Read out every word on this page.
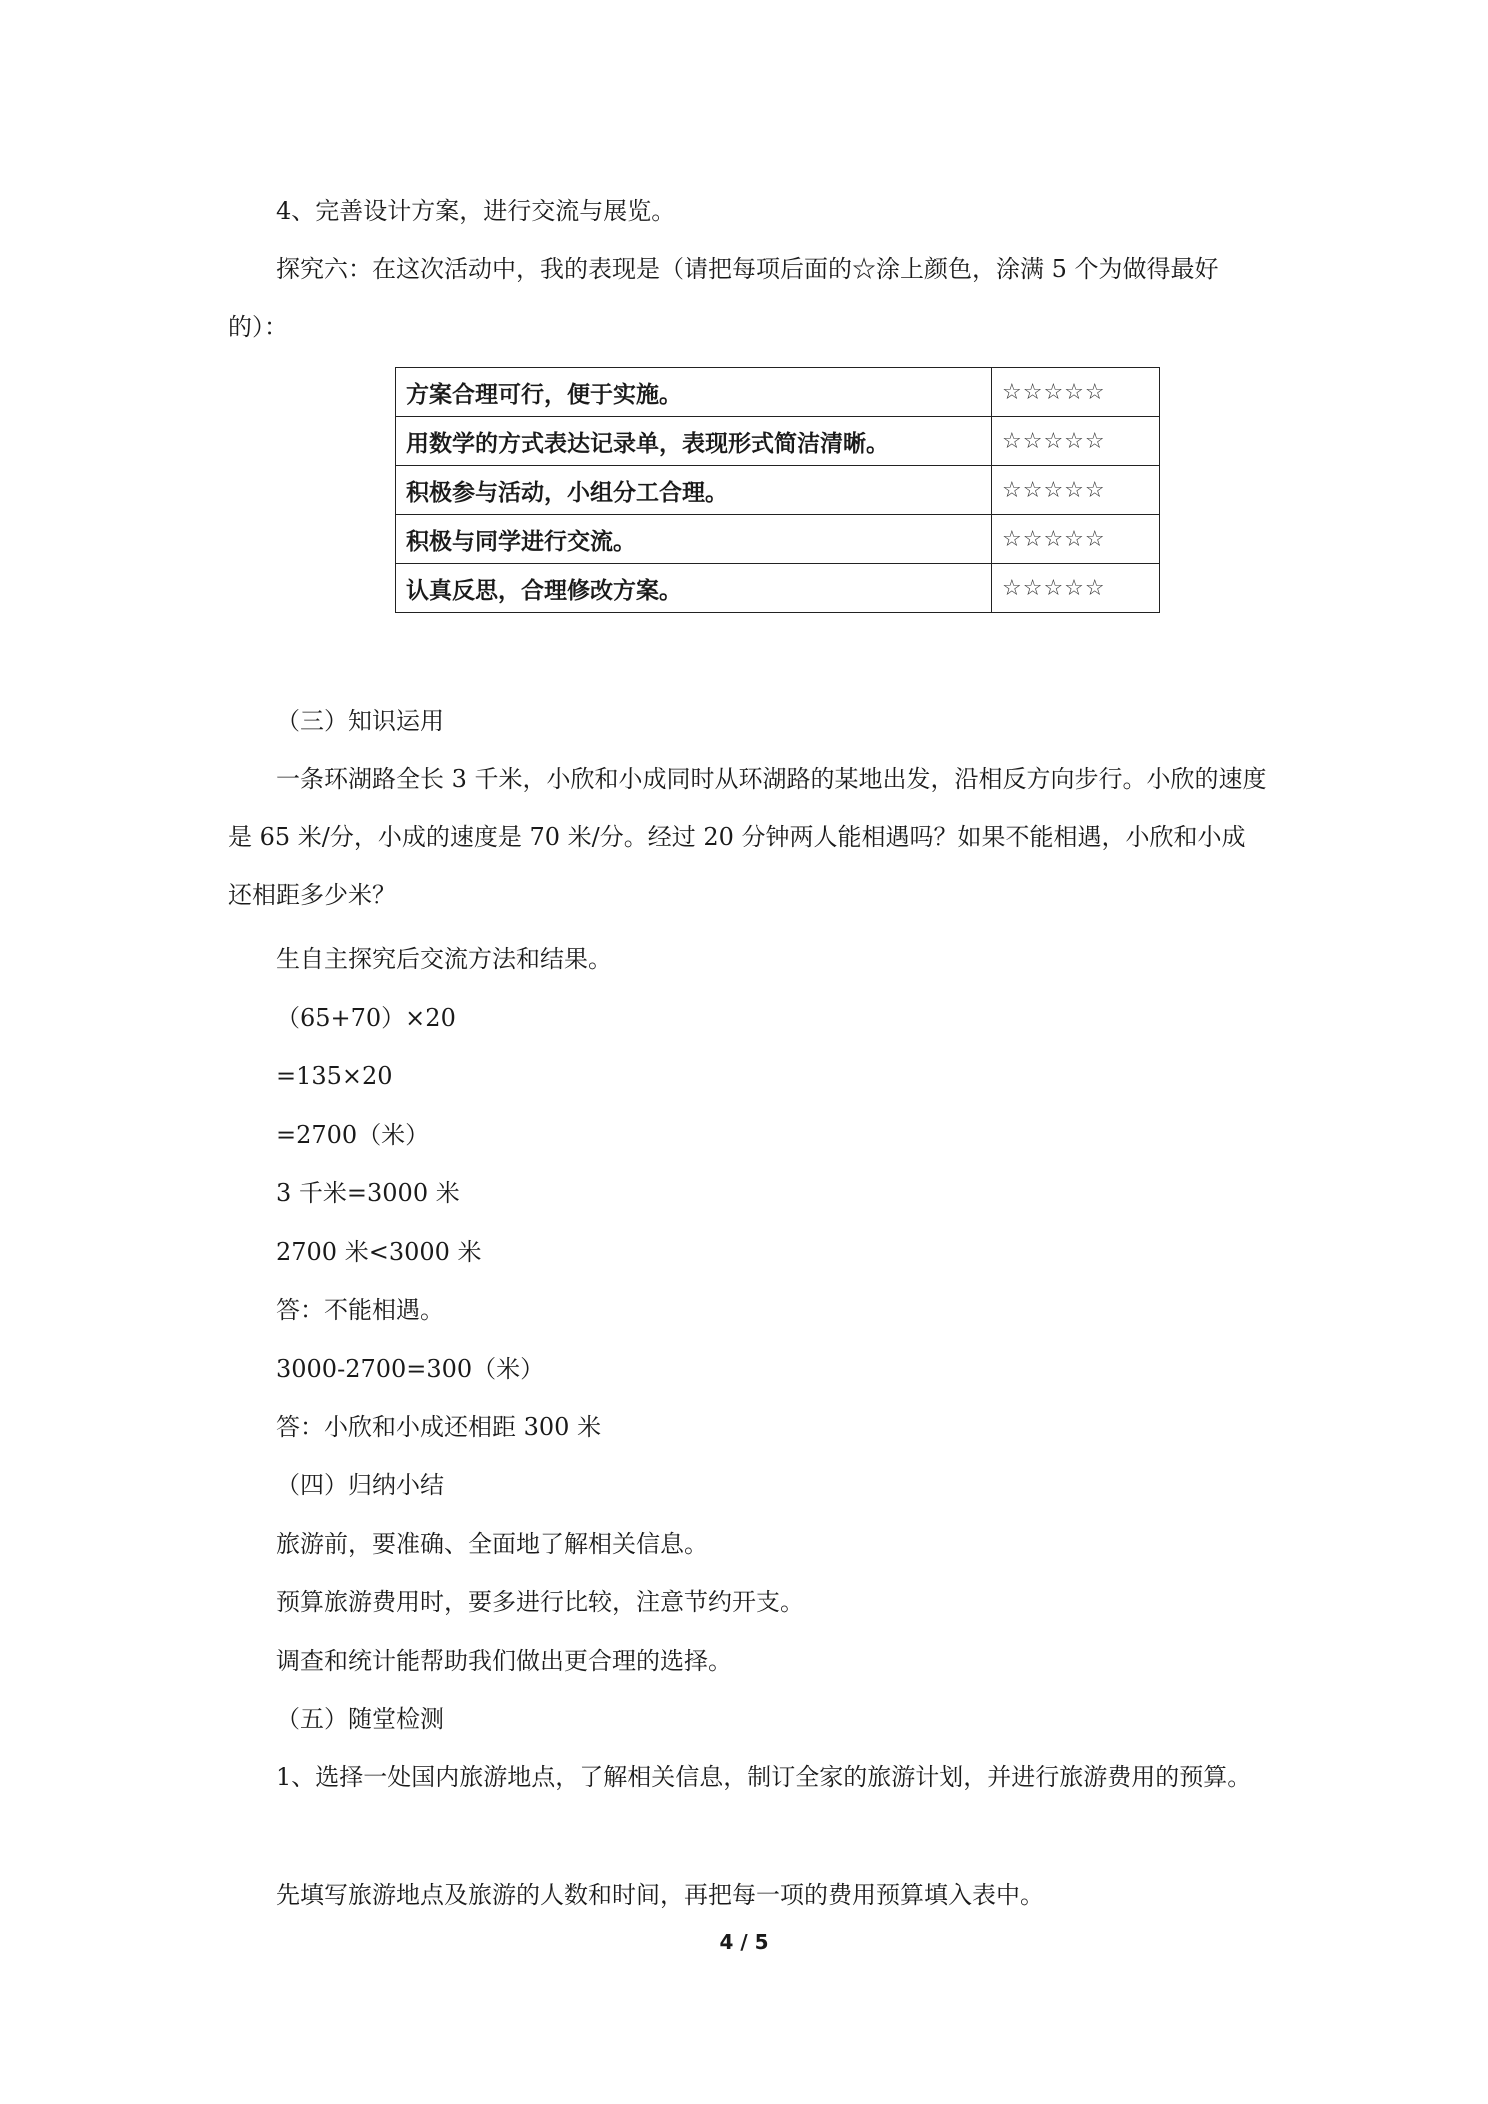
4、完善设计方案，进行交流与展览。
探究六：在这次活动中，我的表现是（请把每项后面的☆涂上颜色，涂满 5 个为做得最好的）：
方案合理可行，便于实施。	☆☆☆☆☆
用数学的方式表达记录单，表现形式简洁清晰。	☆☆☆☆☆
积极参与活动，小组分工合理。	☆☆☆☆☆
积极与同学进行交流。	☆☆☆☆☆
认真反思，合理修改方案。	☆☆☆☆☆
（三）知识运用
一条环湖路全长 3 千米，小欣和小成同时从环湖路的某地出发，沿相反方向步行。小欣的速度是 65 米/分，小成的速度是 70 米/分。经过 20 分钟两人能相遇吗？如果不能相遇，小欣和小成还相距多少米？
生自主探究后交流方法和结果。
（65+70）×20
=135×20
=2700（米）
3 千米=3000 米
2700 米<3000 米
答：不能相遇。
3000-2700=300（米）
答：小欣和小成还相距 300 米
（四）归纳小结
旅游前，要准确、全面地了解相关信息。
预算旅游费用时，要多进行比较，注意节约开支。
调查和统计能帮助我们做出更合理的选择。
（五）随堂检测
1、选择一处国内旅游地点，了解相关信息，制订全家的旅游计划，并进行旅游费用的预算。
先填写旅游地点及旅游的人数和时间，再把每一项的费用预算填入表中。
4 / 5
